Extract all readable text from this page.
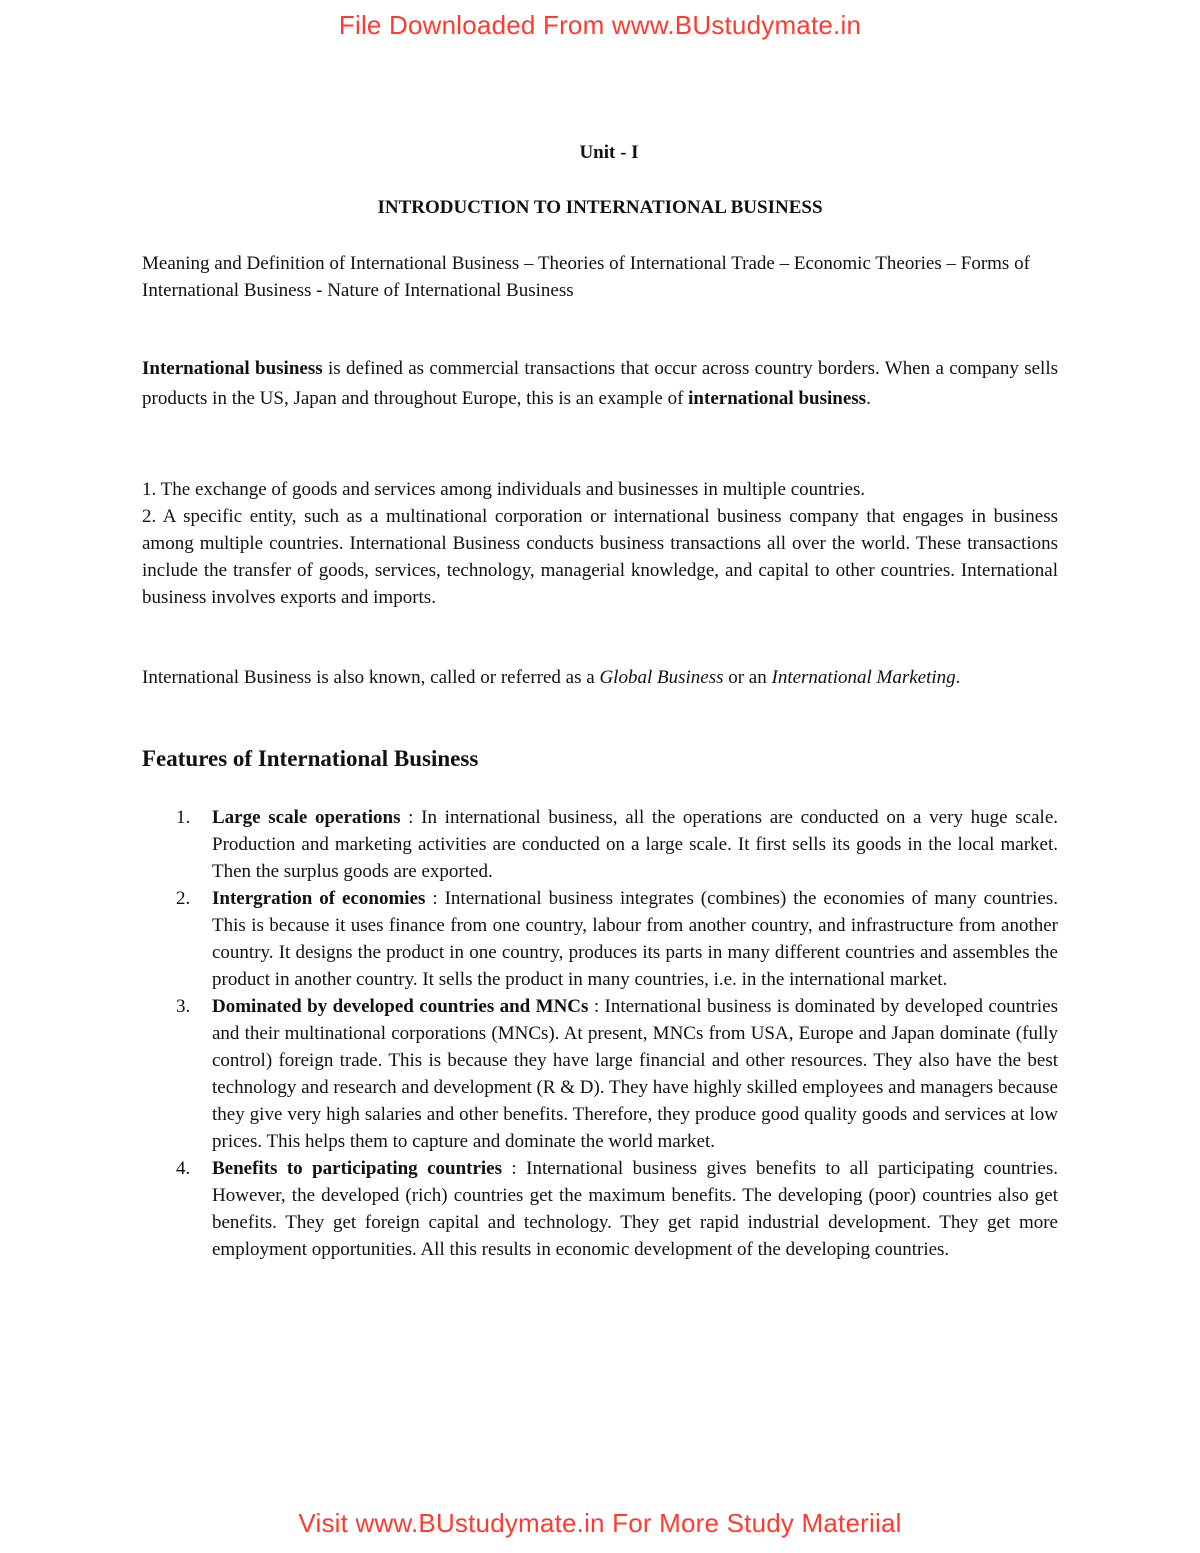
File Downloaded From www.BUstudymate.in
Unit - I
INTRODUCTION TO INTERNATIONAL BUSINESS
Meaning and Definition of International Business – Theories of International Trade – Economic Theories – Forms of International Business - Nature of International Business
International business is defined as commercial transactions that occur across country borders. When a company sells products in the US, Japan and throughout Europe, this is an example of international business.
1. The exchange of goods and services among individuals and businesses in multiple countries.
2. A specific entity, such as a multinational corporation or international business company that engages in business among multiple countries. International Business conducts business transactions all over the world. These transactions include the transfer of goods, services, technology, managerial knowledge, and capital to other countries. International business involves exports and imports.
International Business is also known, called or referred as a Global Business or an International Marketing.
Features of International Business
1. Large scale operations : In international business, all the operations are conducted on a very huge scale. Production and marketing activities are conducted on a large scale. It first sells its goods in the local market. Then the surplus goods are exported.
2. Intergration of economies : International business integrates (combines) the economies of many countries. This is because it uses finance from one country, labour from another country, and infrastructure from another country. It designs the product in one country, produces its parts in many different countries and assembles the product in another country. It sells the product in many countries, i.e. in the international market.
3. Dominated by developed countries and MNCs : International business is dominated by developed countries and their multinational corporations (MNCs). At present, MNCs from USA, Europe and Japan dominate (fully control) foreign trade. This is because they have large financial and other resources. They also have the best technology and research and development (R & D). They have highly skilled employees and managers because they give very high salaries and other benefits. Therefore, they produce good quality goods and services at low prices. This helps them to capture and dominate the world market.
4. Benefits to participating countries : International business gives benefits to all participating countries. However, the developed (rich) countries get the maximum benefits. The developing (poor) countries also get benefits. They get foreign capital and technology. They get rapid industrial development. They get more employment opportunities. All this results in economic development of the developing countries.
Visit www.BUstudymate.in For More Study Materiial
